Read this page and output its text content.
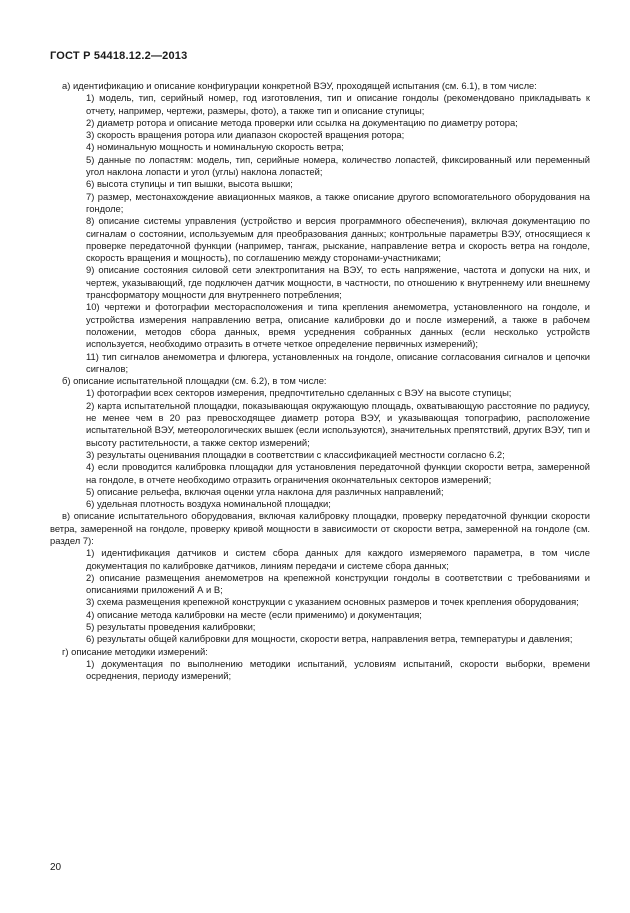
ГОСТ Р 54418.12.2—2013

а) идентификацию и описание конфигурации конкретной ВЭУ, проходящей испытания (см. 6.1), в том числе:

1) модель, тип, серийный номер, год изготовления, тип и описание гондолы (рекомендовано прикладывать к отчету, например, чертежи, размеры, фото), а также тип и описание ступицы;

2) диаметр ротора и описание метода проверки или ссылка на документацию по диаметру ротора;

3) скорость вращения ротора или диапазон скоростей вращения ротора;

4) номинальную мощность и номинальную скорость ветра;

5) данные по лопастям: модель, тип, серийные номера, количество лопастей, фиксированный или переменный угол наклона лопасти и угол (углы) наклона лопастей;

6) высота ступицы и тип вышки, высота вышки;

7) размер, местонахождение авиационных маяков, а также описание другого вспомогательного оборудования на гондоле;

8) описание системы управления (устройство и версия программного обеспечения), включая документацию по сигналам о состоянии, используемым для преобразования данных; контрольные параметры ВЭУ, относящиеся к проверке передаточной функции (например, тангаж, рыскание, направление ветра и скорость ветра на гондоле, скорость вращения и мощность), по соглашению между сторонами-участниками;

9) описание состояния силовой сети электропитания на ВЭУ, то есть напряжение, частота и допуски на них, и чертеж, указывающий, где подключен датчик мощности, в частности, по отношению к внутреннему или внешнему трансформатору мощности для внутреннего потребления;

10) чертежи и фотографии месторасположения и типа крепления анемометра, установленного на гондоле, и устройства измерения направлению ветра, описание калибровки до и после измерений, а также в рабочем положении, методов сбора данных, время усреднения собранных данных (если несколько устройств используется, необходимо отразить в отчете четкое определение первичных измерений);

11) тип сигналов анемометра и флюгера, установленных на гондоле, описание согласования сигналов и цепочки сигналов;

б) описание испытательной площадки (см. 6.2), в том числе:

1) фотографии всех секторов измерения, предпочтительно сделанных с ВЭУ на высоте ступицы;

2) карта испытательной площадки, показывающая окружающую площадь, охватывающую расстояние по радиусу, не менее чем в 20 раз превосходящее диаметр ротора ВЭУ, и указывающая топографию, расположение испытательной ВЭУ, метеорологических вышек (если используются), значительных препятствий, других ВЭУ, тип и высоту растительности, а также сектор измерений;

3) результаты оценивания площадки в соответствии с классификацией местности согласно 6.2;

4) если проводится калибровка площадки для установления передаточной функции скорости ветра, замеренной на гондоле, в отчете необходимо отразить ограничения окончательных секторов измерений;

5) описание рельефа, включая оценки угла наклона для различных направлений;

6) удельная плотность воздуха номинальной площадки;

в) описание испытательного оборудования, включая калибровку площадки, проверку передаточной функции скорости ветра, замеренной на гондоле, проверку кривой мощности в зависимости от скорости ветра, замеренной на гондоле (см. раздел 7):

1) идентификация датчиков и систем сбора данных для каждого измеряемого параметра, в том числе документация по калибровке датчиков, линиям передачи и системе сбора данных;

2) описание размещения анемометров на крепежной конструкции гондолы в соответствии с требованиями и описаниями приложений А и В;

3) схема размещения крепежной конструкции с указанием основных размеров и точек крепления оборудования;

4) описание метода калибровки на месте (если применимо) и документация;

5) результаты проведения калибровки;

6) результаты общей калибровки для мощности, скорости ветра, направления ветра, температуры и давления;

г) описание методики измерений:

1) документация по выполнению методики испытаний, условиям испытаний, скорости выборки, времени осреднения, периоду измерений;

20
